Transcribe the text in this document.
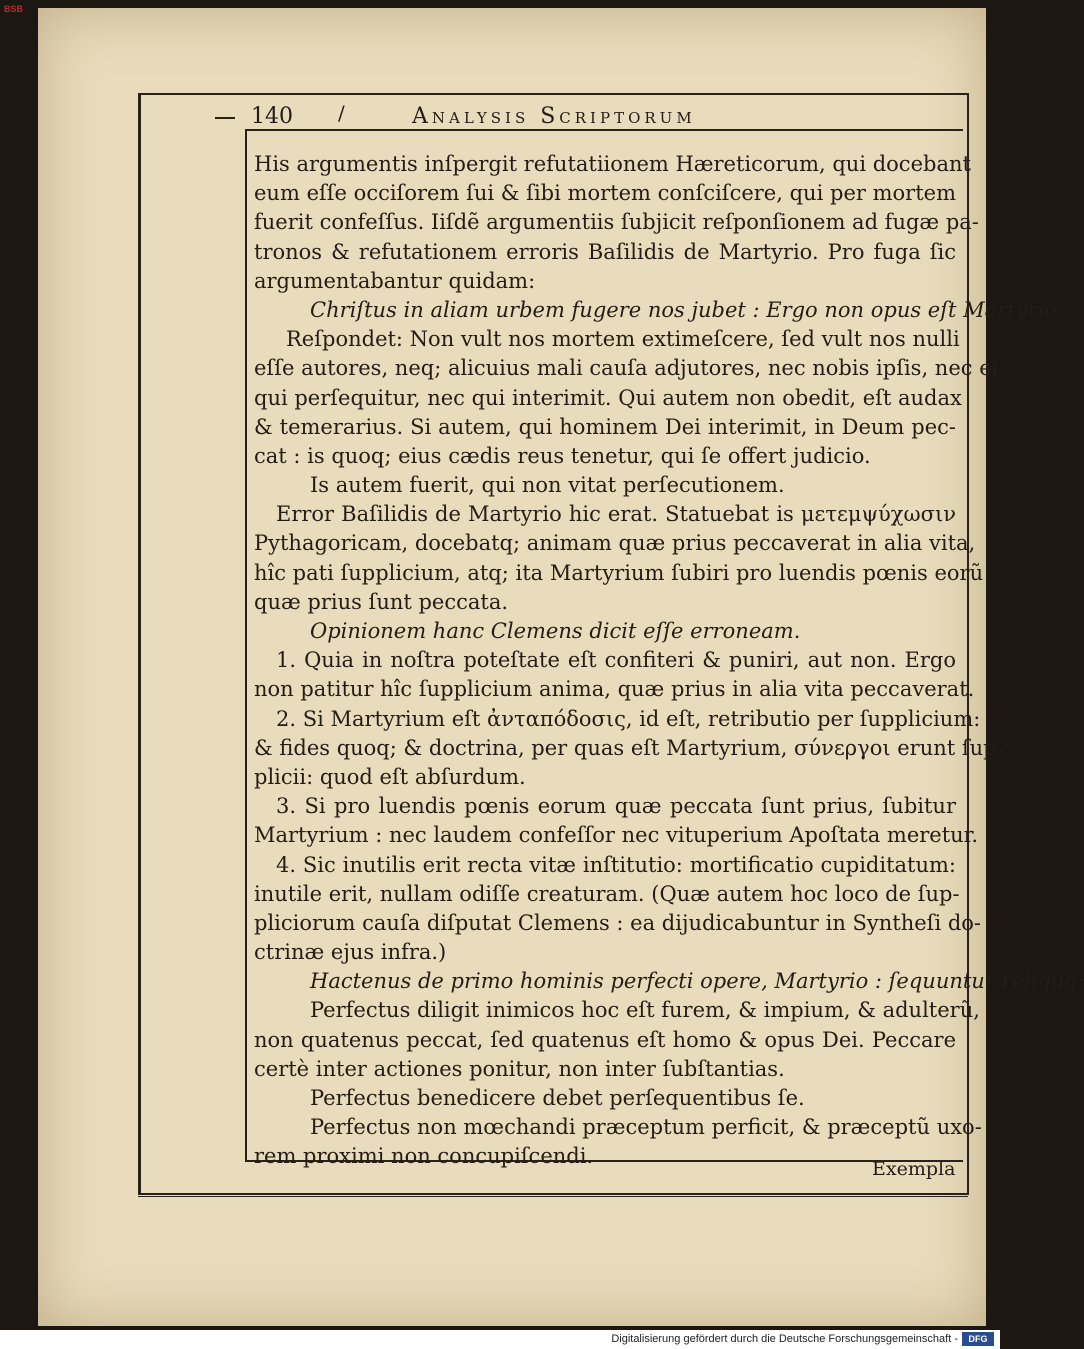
BSB
140 /	Analysis Scriptorum
His argumentis inſpergit refutatiionem Hæreticorum, qui docebant
eum eſſe occiſorem ſui & ſibi mortem conſciſcere, qui per mortem
fuerit confeſſus. Iiſdẽ argumentiis ſubjicit reſponſionem ad fugæ pa-
tronos & refutationem erroris Baſilidis de Martyrio. Pro fuga ſic
argumentabantur quidam:
Chriſtus in aliam urbem fugere nos jubet : Ergo non opus eſt Martyrio.
Reſpondet: Non vult nos mortem extimeſcere, ſed vult nos nulli
eſſe autores, neq; alicuius mali cauſa adjutores, nec nobis ipſis, nec ei
qui perſequitur, nec qui interimit. Qui autem non obedit, eſt audax
& temerarius. Si autem, qui hominem Dei interimit, in Deum pec-
cat : is quoq; eius cædis reus tenetur, qui ſe offert judicio.
Is autem fuerit, qui non vitat perſecutionem.
Error Baſilidis de Martyrio hic erat. Statuebat is μετεμψύχωσιν
Pythagoricam, docebatq; animam quæ prius peccaverat in alia vita,
hîc pati ſupplicium, atq; ita Martyrium ſubiri pro luendis pœnis eorũ
quæ prius ſunt peccata.
Opinionem hanc Clemens dicit eſſe erroneam.
1. Quia in noſtra poteſtate eſt confiteri & puniri, aut non. Ergo
non patitur hîc ſupplicium anima, quæ prius in alia vita peccaverat.
2. Si Martyrium eſt ἀνταπόδοσις, id eſt, retributio per ſupplicium:
& fides quoq; & doctrina, per quas eſt Martyrium, σύνεργοι erunt ſup-
plicii: quod eſt abſurdum.
3. Si pro luendis pœnis eorum quæ peccata ſunt prius, ſubitur
Martyrium : nec laudem confeſſor nec vituperium Apoſtata meretur.
4. Sic inutilis erit recta vitæ inſtitutio: mortificatio cupiditatum:
inutile erit, nullam odiſſe creaturam. (Quæ autem hoc loco de ſup-
pliciorum cauſa diſputat Clemens : ea dijudicabuntur in Syntheſi do-
ctrinæ ejus infra.)
Hactenus de primo hominis perfecti opere, Martyrio : ſequuntur reliqua:
Perfectus diligit inimicos hoc eſt furem, & impium, & adulterũ,
non quatenus peccat, ſed quatenus eſt homo & opus Dei. Peccare
certè inter actiones ponitur, non inter ſubſtantias.
Perfectus benedicere debet perſequentibus ſe.
Perfectus non mœchandi præceptum perficit, & præceptũ uxo-
rem proximi non concupiſcendi.
Exempla
Digitalisierung gefördert durch die Deutsche Forschungsgemeinschaft -	DFG
